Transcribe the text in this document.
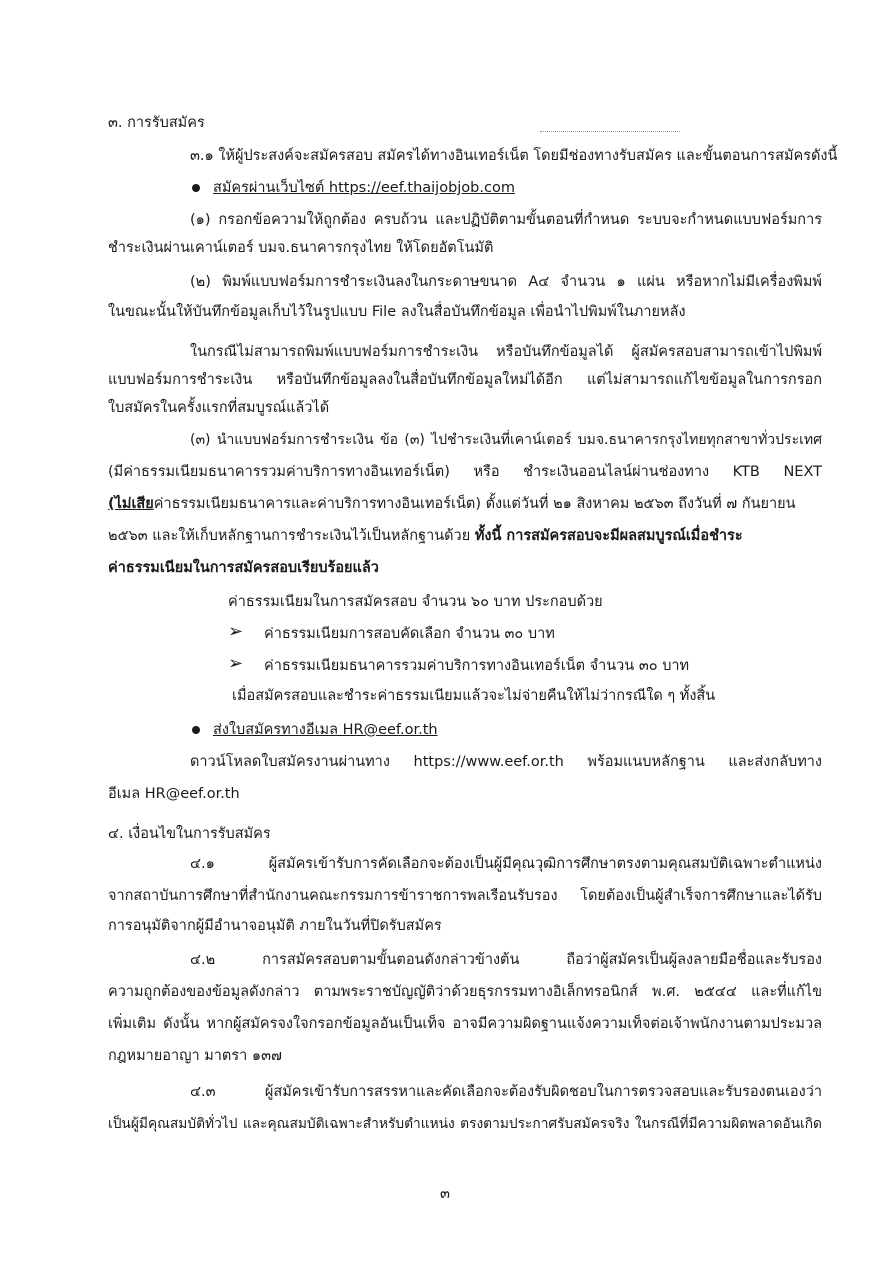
๓. การรับสมัคร
๓.๑ ให้ผู้ประสงค์จะสมัครสอบ สมัครได้ทางอินเทอร์เน็ต โดยมีช่องทางรับสมัคร และขั้นตอนการสมัครดังนี้
สมัครผ่านเว็บไซต์ https://eef.thaijobjob.com
(๑) กรอกข้อความให้ถูกต้อง ครบถ้วน และปฏิบัติตามขั้นตอนที่กำหนด ระบบจะกำหนดแบบฟอร์มการ
ชำระเงินผ่านเคาน์เตอร์ บมจ.ธนาคารกรุงไทย ให้โดยอัตโนมัติ
(๒) พิมพ์แบบฟอร์มการชำระเงินลงในกระดาษขนาด A๔ จำนวน ๑ แผ่น หรือหากไม่มีเครื่องพิมพ์
ในขณะนั้นให้บันทึกข้อมูลเก็บไว้ในรูปแบบ File ลงในสื่อบันทึกข้อมูล เพื่อนำไปพิมพ์ในภายหลัง
ในกรณีไม่สามารถพิมพ์แบบฟอร์มการชำระเงิน หรือบันทึกข้อมูลได้ ผู้สมัครสอบสามารถเข้าไปพิมพ์
แบบฟอร์มการชำระเงิน หรือบันทึกข้อมูลลงในสื่อบันทึกข้อมูลใหม่ได้อีก แต่ไม่สามารถแก้ไขข้อมูลในการกรอก
ใบสมัครในครั้งแรกที่สมบูรณ์แล้วได้
(๓) นำแบบฟอร์มการชำระเงิน ข้อ (๓) ไปชำระเงินที่เคาน์เตอร์ บมจ.ธนาคารกรุงไทยทุกสาขาทั่วประเทศ
(มีค่าธรรมเนียมธนาคารรวมค่าบริการทางอินเทอร์เน็ต) หรือ ชำระเงินออนไลน์ผ่านช่องทาง KTB NEXT
(ไม่เสียค่าธรรมเนียมธนาคารและค่าบริการทางอินเทอร์เน็ต) ตั้งแต่วันที่ ๒๑ สิงหาคม ๒๕๖๓ ถึงวันที่ ๗ กันยายน
๒๕๖๓ และให้เก็บหลักฐานการชำระเงินไว้เป็นหลักฐานด้วย ทั้งนี้ การสมัครสอบจะมีผลสมบูรณ์เมื่อชำระ
ค่าธรรมเนียมในการสมัครสอบเรียบร้อยแล้ว
ค่าธรรมเนียมในการสมัครสอบ จำนวน ๖๐ บาท ประกอบด้วย
➢ ค่าธรรมเนียมการสอบคัดเลือก จำนวน ๓๐ บาท
➢ ค่าธรรมเนียมธนาคารรวมค่าบริการทางอินเทอร์เน็ต จำนวน ๓๐ บาท
เมื่อสมัครสอบและชำระค่าธรรมเนียมแล้วจะไม่จ่ายคืนให้ไม่ว่ากรณีใด ๆ ทั้งสิ้น
ส่งใบสมัครทางอีเมล HR@eef.or.th
ดาวน์โหลดใบสมัครงานผ่านทาง https://www.eef.or.th พร้อมแนบหลักฐาน และส่งกลับทาง
อีเมล HR@eef.or.th
๔. เงื่อนไขในการรับสมัคร
๔.๑ ผู้สมัครเข้ารับการคัดเลือกจะต้องเป็นผู้มีคุณวุฒิการศึกษาตรงตามคุณสมบัติเฉพาะตำแหน่ง
จากสถาบันการศึกษาที่สำนักงานคณะกรรมการข้าราชการพลเรือนรับรอง โดยต้องเป็นผู้สำเร็จการศึกษาและได้รับ
การอนุมัติจากผู้มีอำนาจอนุมัติ ภายในวันที่ปิดรับสมัคร
๔.๒ การสมัครสอบตามขั้นตอนดังกล่าวข้างต้น ถือว่าผู้สมัครเป็นผู้ลงลายมือชื่อและรับรอง
ความถูกต้องของข้อมูลดังกล่าว ตามพระราชบัญญัติว่าด้วยธุรกรรมทางอิเล็กทรอนิกส์ พ.ศ. ๒๕๔๔ และที่แก้ไข
เพิ่มเติม ดังนั้น หากผู้สมัครจงใจกรอกข้อมูลอันเป็นเท็จ อาจมีความผิดฐานแจ้งความเท็จต่อเจ้าพนักงานตามประมวล
กฎหมายอาญา มาตรา ๑๓๗
๔.๓ ผู้สมัครเข้ารับการสรรหาและคัดเลือกจะต้องรับผิดชอบในการตรวจสอบและรับรองตนเองว่า
เป็นผู้มีคุณสมบัติทั่วไป และคุณสมบัติเฉพาะสำหรับตำแหน่ง ตรงตามประกาศรับสมัครจริง ในกรณีที่มีความผิดพลาดอันเกิด
๓
